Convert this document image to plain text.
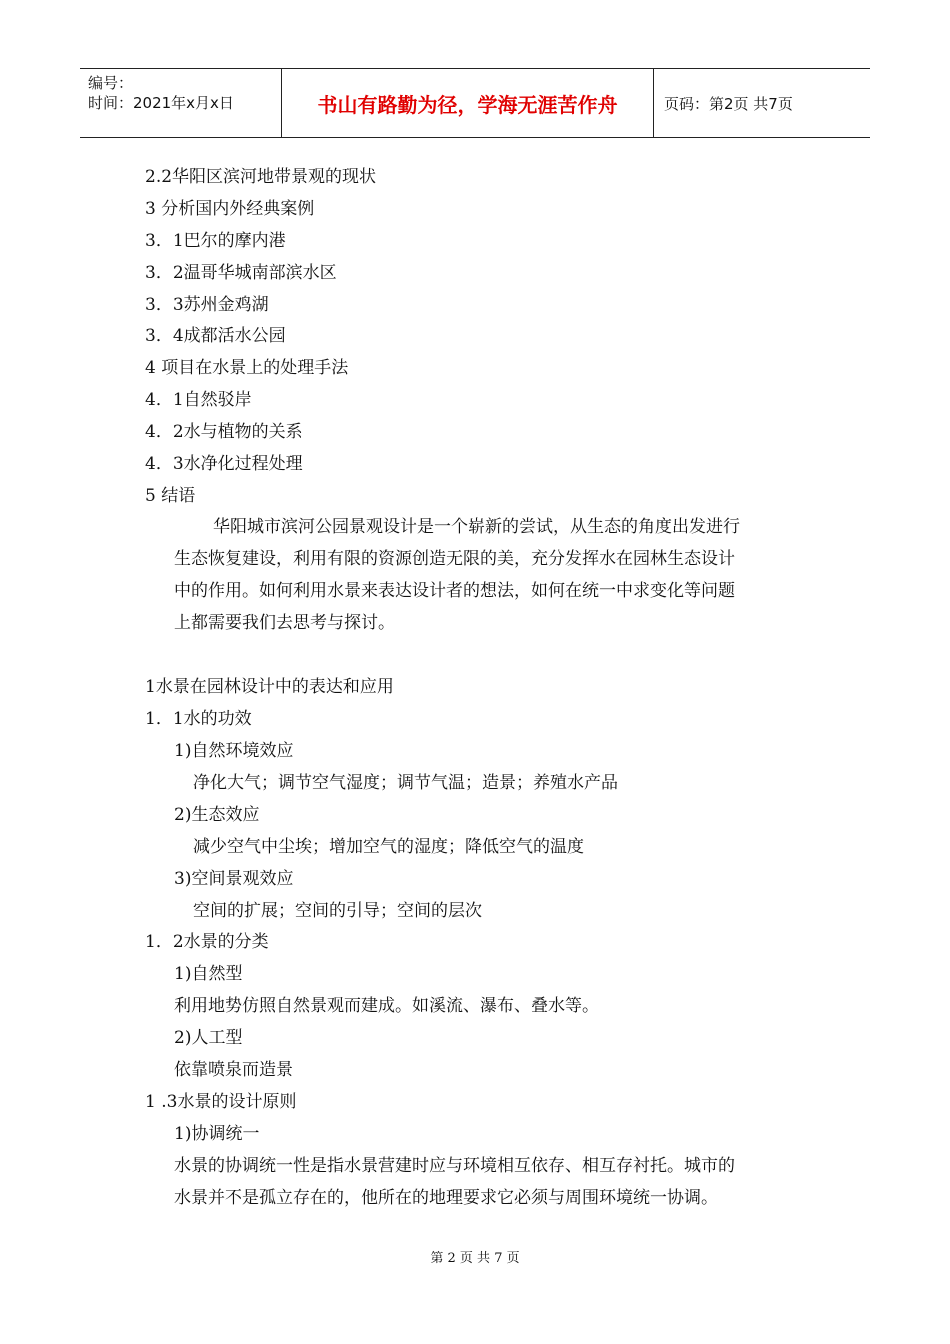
编号：
时间：2021年x月x日	书山有路勤为径，学海无涯苦作舟	页码：第2页 共7页
2.2华阳区滨河地带景观的现状
3 分析国内外经典案例
3．1巴尔的摩内港
3．2温哥华城南部滨水区
3．3苏州金鸡湖
3．4成都活水公园
4 项目在水景上的处理手法
4．1自然驳岸
4．2水与植物的关系
4．3水净化过程处理
5 结语
华阳城市滨河公园景观设计是一个崭新的尝试，从生态的角度出发进行
生态恢复建设，利用有限的资源创造无限的美，充分发挥水在园林生态设计
中的作用。如何利用水景来表达设计者的想法，如何在统一中求变化等问题
上都需要我们去思考与探讨。
1水景在园林设计中的表达和应用
1．1水的功效
1)自然环境效应
净化大气；调节空气湿度；调节气温；造景；养殖水产品
2)生态效应
减少空气中尘埃；增加空气的湿度；降低空气的温度
3)空间景观效应
空间的扩展；空间的引导；空间的层次
1．2水景的分类
1)自然型
利用地势仿照自然景观而建成。如溪流、瀑布、叠水等。
2)人工型
依靠喷泉而造景
1 .3水景的设计原则
1)协调统一
水景的协调统一性是指水景营建时应与环境相互依存、相互存衬托。城市的
水景并不是孤立存在的，他所在的地理要求它必须与周围环境统一协调。
第 2 页 共 7 页
